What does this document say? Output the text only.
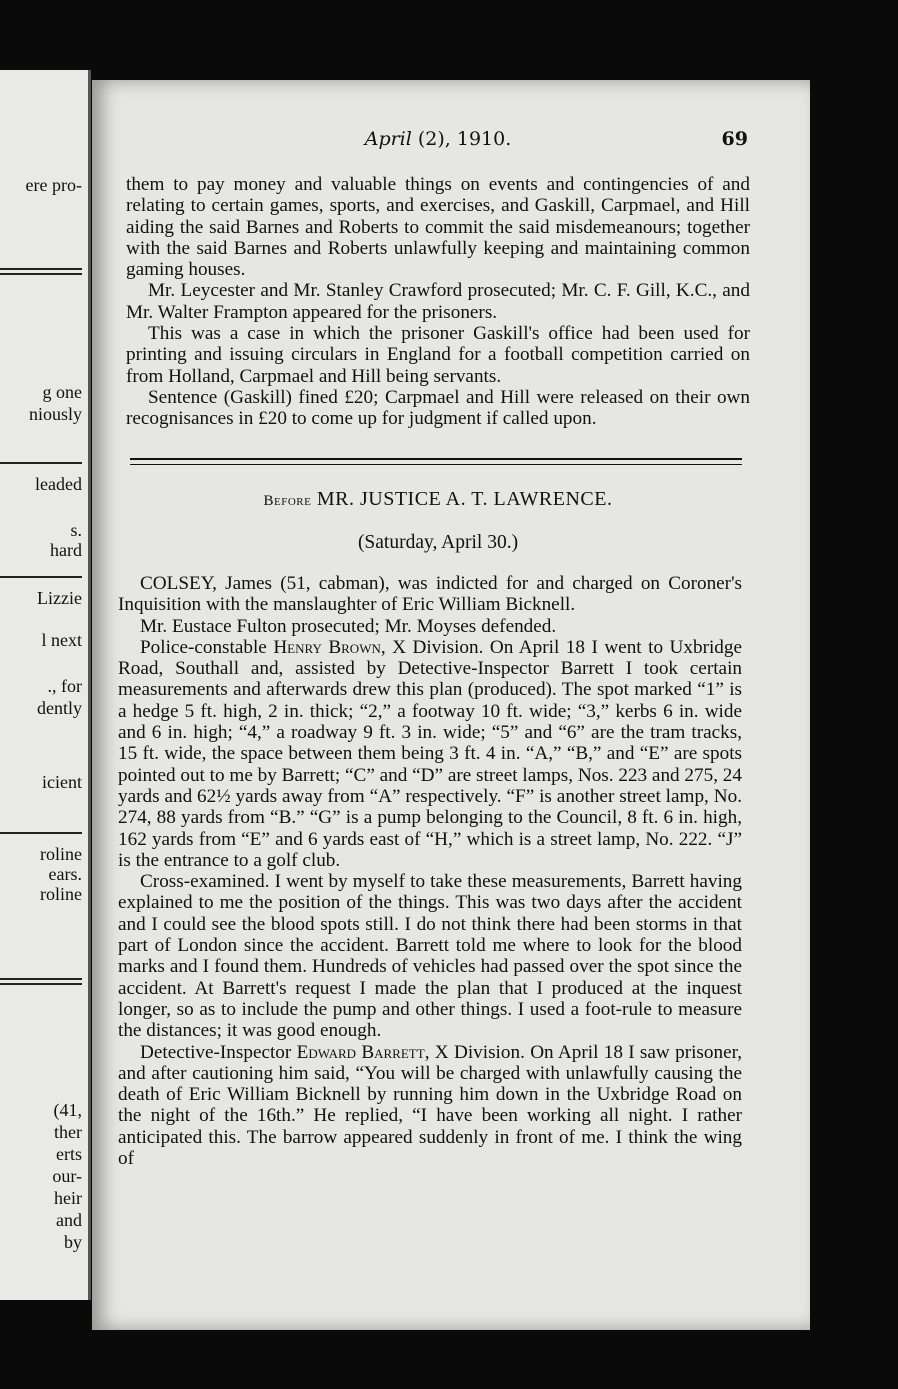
ere pro-
g one
niously
leaded
s.
hard
Lizzie
l next
., for
dently
icient
roline
ears.
roline
(41,
ther
erts
our-
heir
and
by
April (2), 1910.	69

them to pay money and valuable things on events and contingencies of and relating to certain games, sports, and exercises, and Gaskill, Carpmael, and Hill aiding the said Barnes and Roberts to commit the said misdemeanours; together with the said Barnes and Roberts unlawfully keeping and maintaining common gaming houses.

Mr. Leycester and Mr. Stanley Crawford prosecuted; Mr. C. F. Gill, K.C., and Mr. Walter Frampton appeared for the prisoners.

This was a case in which the prisoner Gaskill's office had been used for printing and issuing circulars in England for a football competition carried on from Holland, Carpmael and Hill being servants.

Sentence (Gaskill) fined £20; Carpmael and Hill were released on their own recognisances in £20 to come up for judgment if called upon.

Before MR. JUSTICE A. T. LAWRENCE.
(Saturday, April 30.)

COLSEY, James (51, cabman), was indicted for and charged on Coroner's Inquisition with the manslaughter of Eric William Bicknell.

Mr. Eustace Fulton prosecuted; Mr. Moyses defended.

Police-constable Henry Brown, X Division. On April 18 I went to Uxbridge Road, Southall and, assisted by Detective-Inspector Barrett I took certain measurements and afterwards drew this plan (produced). The spot marked “1” is a hedge 5 ft. high, 2 in. thick; “2,” a footway 10 ft. wide; “3,” kerbs 6 in. wide and 6 in. high; “4,” a roadway 9 ft. 3 in. wide; “5” and “6” are the tram tracks, 15 ft. wide, the space between them being 3 ft. 4 in. “A,” “B,” and “E” are spots pointed out to me by Barrett; “C” and “D” are street lamps, Nos. 223 and 275, 24 yards and 62½ yards away from “A” respectively. “F” is another street lamp, No. 274, 88 yards from “B.” “G” is a pump belonging to the Council, 8 ft. 6 in. high, 162 yards from “E” and 6 yards east of “H,” which is a street lamp, No. 222. “J” is the entrance to a golf club.

Cross-examined. I went by myself to take these measurements, Barrett having explained to me the position of the things. This was two days after the accident and I could see the blood spots still. I do not think there had been storms in that part of London since the accident. Barrett told me where to look for the blood marks and I found them. Hundreds of vehicles had passed over the spot since the accident. At Barrett's request I made the plan that I produced at the inquest longer, so as to include the pump and other things. I used a foot-rule to measure the distances; it was good enough.

Detective-Inspector Edward Barrett, X Division. On April 18 I saw prisoner, and after cautioning him said, “You will be charged with unlawfully causing the death of Eric William Bicknell by running him down in the Uxbridge Road on the night of the 16th.” He replied, “I have been working all night. I rather anticipated this. The barrow appeared suddenly in front of me. I think the wing of
